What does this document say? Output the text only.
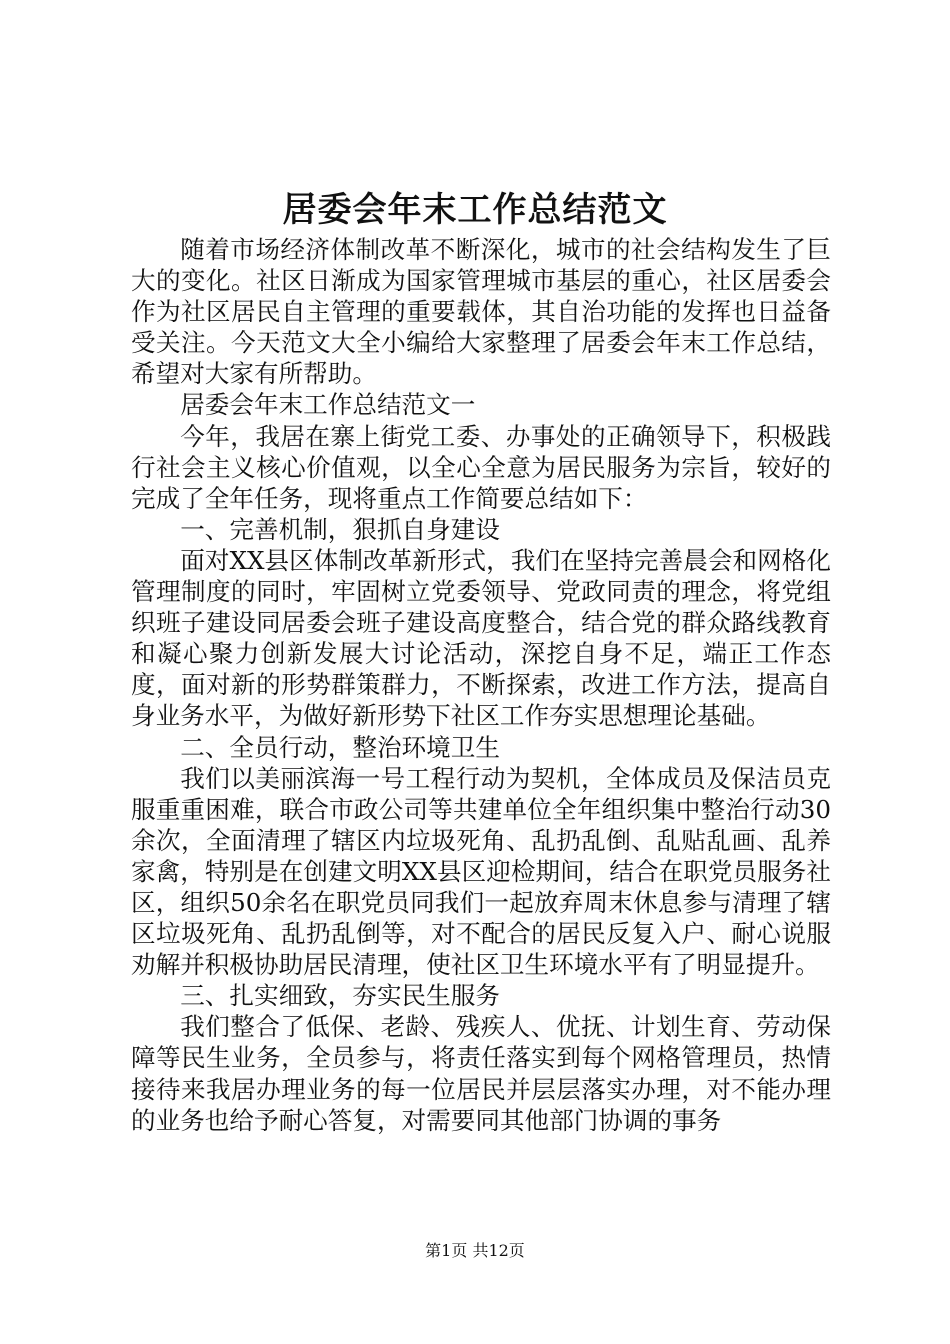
居委会年末工作总结范文

随着市场经济体制改革不断深化，城市的社会结构发生了巨大的变化。社区日渐成为国家管理城市基层的重心，社区居委会作为社区居民自主管理的重要载体，其自治功能的发挥也日益备受关注。今天范文大全小编给大家整理了居委会年末工作总结，希望对大家有所帮助。

居委会年末工作总结范文一

今年，我居在寨上街党工委、办事处的正确领导下，积极践行社会主义核心价值观，以全心全意为居民服务为宗旨，较好的完成了全年任务，现将重点工作简要总结如下：

一、完善机制，狠抓自身建设

面对XX县区体制改革新形式，我们在坚持完善晨会和网格化管理制度的同时，牢固树立党委领导、党政同责的理念，将党组织班子建设同居委会班子建设高度整合，结合党的群众路线教育和凝心聚力创新发展大讨论活动，深挖自身不足，端正工作态度，面对新的形势群策群力，不断探索，改进工作方法，提高自身业务水平，为做好新形势下社区工作夯实思想理论基础。

二、全员行动，整治环境卫生

我们以美丽滨海一号工程行动为契机，全体成员及保洁员克服重重困难，联合市政公司等共建单位全年组织集中整治行动30余次，全面清理了辖区内垃圾死角、乱扔乱倒、乱贴乱画、乱养家禽，特别是在创建文明XX县区迎检期间，结合在职党员服务社区，组织50余名在职党员同我们一起放弃周末休息参与清理了辖区垃圾死角、乱扔乱倒等，对不配合的居民反复入户、耐心说服劝解并积极协助居民清理，使社区卫生环境水平有了明显提升。

三、扎实细致，夯实民生服务

我们整合了低保、老龄、残疾人、优抚、计划生育、劳动保障等民生业务，全员参与，将责任落实到每个网格管理员，热情接待来我居办理业务的每一位居民并层层落实办理，对不能办理的业务也给予耐心答复，对需要同其他部门协调的事务

第1页 共12页
